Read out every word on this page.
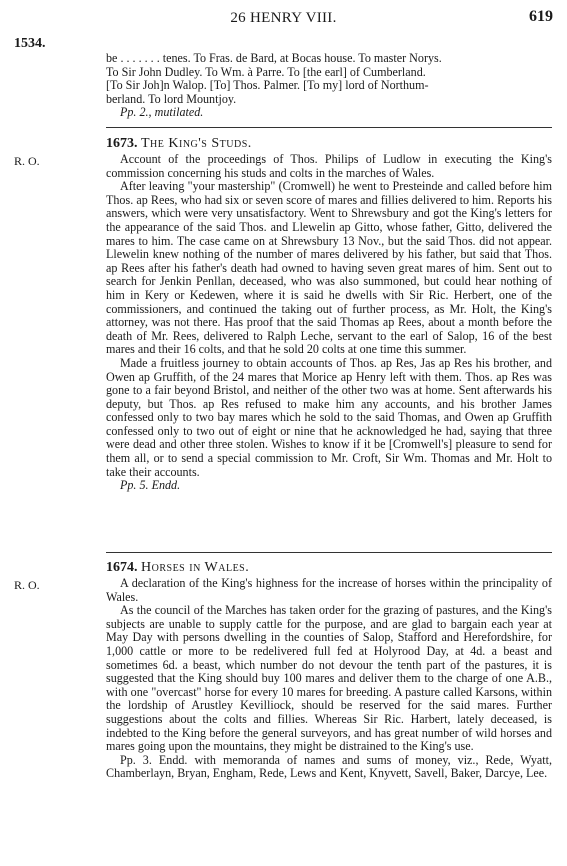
26 HENRY VIII.	619
1534.

be . . . . . . . tenes. To Fras. de Bard, at Bocas house. To master Norys.

To Sir John Dudley. To Wm. à Parre. To [the earl] of Cumberland.

[To Sir Joh]n Walop. [To] Thos. Palmer. [To my] lord of Northum-

berland. To lord Mountjoy.

Pp. 2., mutilated.

1673. The King's Studs.
R. O.	Account of the proceedings of Thos. Philips of Ludlow in executing the King's commission concerning his studs and colts in the marches of Wales.

After leaving "your mastership" (Cromwell) he went to Presteinde and called before him Thos. ap Rees, who had six or seven score of mares and fillies delivered to him. Reports his answers, which were very unsatisfactory. Went to Shrewsbury and got the King's letters for the appearance of the said Thos. and Llewelin ap Gitto, whose father, Gitto, delivered the mares to him. The case came on at Shrewsbury 13 Nov., but the said Thos. did not appear. Llewelin knew nothing of the number of mares delivered by his father, but said that Thos. ap Rees after his father's death had owned to having seven great mares of him. Sent out to search for Jenkin Penllan, deceased, who was also summoned, but could hear nothing of him in Kery or Kedewen, where it is said he dwells with Sir Ric. Herbert, one of the commissioners, and continued the taking out of further process, as Mr. Holt, the King's attorney, was not there. Has proof that the said Thomas ap Rees, about a month before the death of Mr. Rees, delivered to Ralph Leche, servant to the earl of Salop, 16 of the best mares and their 16 colts, and that he sold 20 colts at one time this summer.

Made a fruitless journey to obtain accounts of Thos. ap Res, Jas ap Res his brother, and Owen ap Gruffith, of the 24 mares that Morice ap Henry left with them. Thos. ap Res was gone to a fair beyond Bristol, and neither of the other two was at home. Sent afterwards his deputy, but Thos. ap Res refused to make him any accounts, and his brother James confessed only to two bay mares which he sold to the said Thomas, and Owen ap Gruffith confessed only to two out of eight or nine that he acknowledged he had, saying that three were dead and other three stolen. Wishes to know if it be [Cromwell's] pleasure to send for them all, or to send a special commission to Mr. Croft, Sir Wm. Thomas and Mr. Holt to take their accounts.

Pp. 5. Endd.

1674. Horses in Wales.
R. O.	A declaration of the King's highness for the increase of horses within the principality of Wales.

As the council of the Marches has taken order for the grazing of pastures, and the King's subjects are unable to supply cattle for the purpose, and are glad to bargain each year at May Day with persons dwelling in the counties of Salop, Stafford and Herefordshire, for 1,000 cattle or more to be redelivered full fed at Holyrood Day, at 4d. a beast and sometimes 6d. a beast, which number do not devour the tenth part of the pastures, it is suggested that the King should buy 100 mares and deliver them to the charge of one A.B., with one "overcast" horse for every 10 mares for breeding. A pasture called Karsons, within the lordship of Arustley Kevilliock, should be reserved for the said mares. Further suggestions about the colts and fillies. Whereas Sir Ric. Harbert, lately deceased, is indebted to the King before the general surveyors, and has great number of wild horses and mares going upon the mountains, they might be distrained to the King's use.

Pp. 3. Endd. with memoranda of names and sums of money, viz., Rede, Wyatt, Chamberlayn, Bryan, Engham, Rede, Lews and Kent, Knyvett, Savell, Baker, Darcye, Lee.
